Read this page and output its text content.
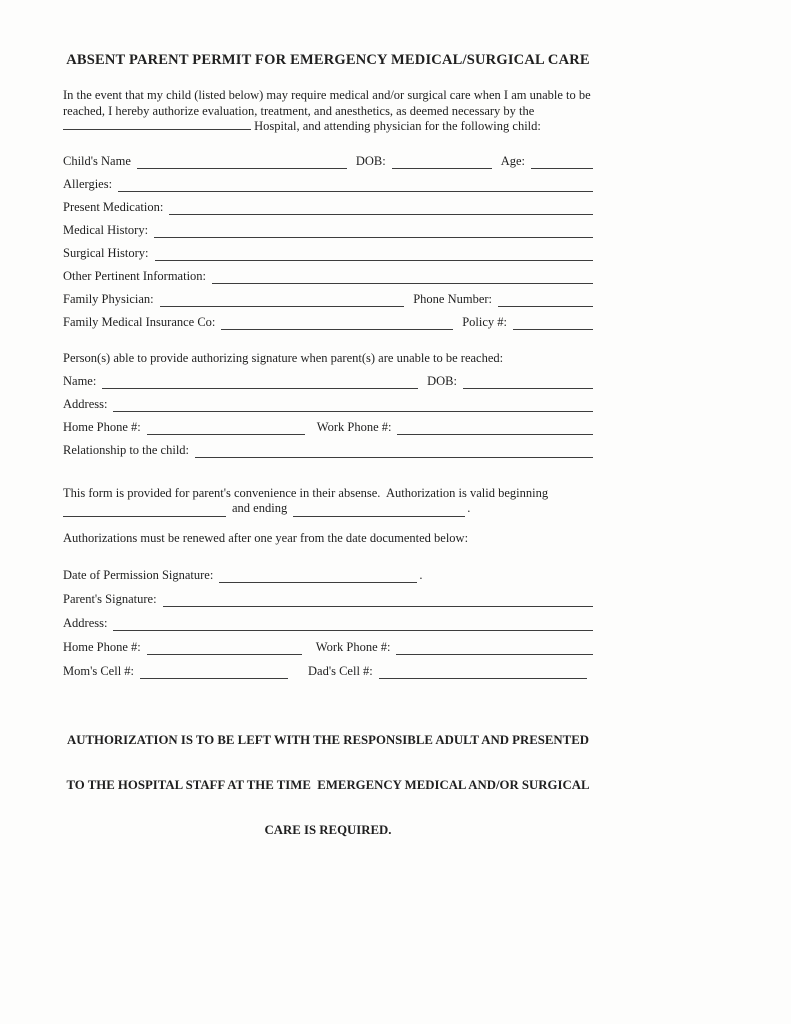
ABSENT PARENT PERMIT FOR EMERGENCY MEDICAL/SURGICAL CARE

In the event that my child (listed below) may require medical and/or surgical care when I am unable to be reached, I hereby authorize evaluation, treatment, and anesthetics, as deemed necessary by the  Hospital, and attending physician for the following child:

Child's Name	DOB:	Age:
Allergies:
Present Medication:
Medical History:
Surgical History:
Other Pertinent Information:
Family Physician:	Phone Number:
Family Medical Insurance Co:	Policy #:

Person(s) able to provide authorizing signature when parent(s) are unable to be reached:

Name:	DOB:
Address:
Home Phone #:	Work Phone #:
Relationship to the child:

This form is provided for parent's convenience in their absense.  Authorization is valid beginning

and ending	.

Authorizations must be renewed after one year from the date documented below:

Date of Permission Signature:	.
Parent's Signature:
Address:
Home Phone #:	Work Phone #:
Mom's Cell #:	Dad's Cell #:

AUTHORIZATION IS TO BE LEFT WITH THE RESPONSIBLE ADULT AND PRESENTED

TO THE HOSPITAL STAFF AT THE TIME  EMERGENCY MEDICAL AND/OR SURGICAL

CARE IS REQUIRED.
